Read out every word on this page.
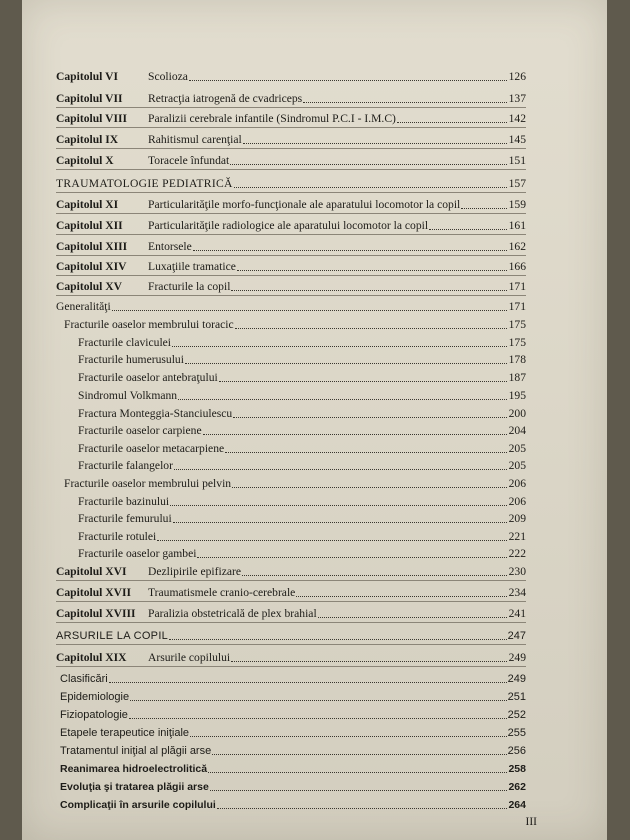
Capitolul VI	Scolioza	126
Capitolul VII	Retracţia iatrogenă de cvadriceps	137
Capitolul VIII	Paralizii cerebrale infantile (Sindromul P.C.I - I.M.C)	142
Capitolul IX	Rahitismul carenţial	145
Capitolul X	Toracele înfundat	151
TRAUMATOLOGIE PEDIATRICĂ	157
Capitolul XI	Particularităţile morfo-funcţionale ale aparatului locomotor la copil	159
Capitolul XII	Particularităţile radiologice ale aparatului locomotor la copil	161
Capitolul XIII	Entorsele	162
Capitolul XIV	Luxaţiile tramatice	166
Capitolul XV	Fracturile la copil	171
Generalităţi	171
Fracturile oaselor membrului toracic	175
Fracturile claviculei	175
Fracturile humerusului	178
Fracturile oaselor antebraţului	187
Sindromul Volkmann	195
Fractura Monteggia-Stanciulescu	200
Fracturile oaselor carpiene	204
Fracturile oaselor metacarpiene	205
Fracturile falangelor	205
Fracturile oaselor membrului pelvin	206
Fracturile bazinului	206
Fracturile femurului	209
Fracturile rotulei	221
Fracturile oaselor gambei	222
Capitolul XVI	Dezlipirile epifizare	230
Capitolul XVII	Traumatismele cranio-cerebrale	234
Capitolul XVIII	Paralizia obstetricală de plex brahial	241
ARSURILE LA COPIL	247
Capitolul XIX	Arsurile copilului	249
Clasificări	249
Epidemiologie	251
Fiziopatologie	252
Etapele terapeutice iniţiale	255
Tratamentul iniţial al plăgii arse	256
Reanimarea hidroelectrolitică	258
Evoluţia şi tratarea plăgii arse	262
Complicaţii în arsurile copilului	264
III
